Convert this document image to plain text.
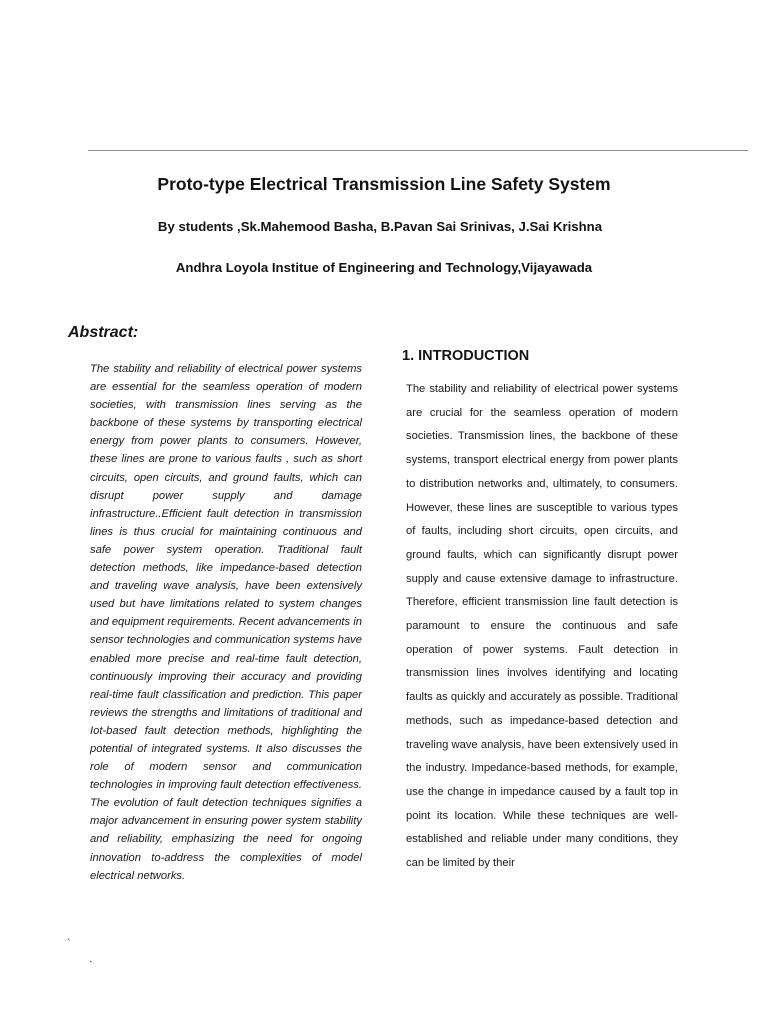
Proto-type Electrical Transmission Line Safety System
By students ,Sk.Mahemood Basha, B.Pavan Sai Srinivas, J.Sai Krishna
Andhra Loyola Institue of Engineering and Technology,Vijayawada
Abstract:
The stability and reliability of electrical power systems are essential for the seamless operation of modern societies, with transmission lines serving as the backbone of these systems by transporting electrical energy from power plants to consumers. However, these lines are prone to various faults , such as short circuits, open circuits, and ground faults, which can disrupt power supply and damage infrastructure..Efficient fault detection in transmission lines is thus crucial for maintaining continuous and safe power system operation. Traditional fault detection methods, like impedance-based detection and traveling wave analysis, have been extensively used but have limitations related to system changes and equipment requirements. Recent advancements in sensor technologies and communication systems have enabled more precise and real-time fault detection, continuously improving their accuracy and providing real-time fault classification and prediction. This paper reviews the strengths and limitations of traditional and Iot-based fault detection methods, highlighting the potential of integrated systems. It also discusses the role of modern sensor and communication technologies in improving fault detection effectiveness. The evolution of fault detection techniques signifies a major advancement in ensuring power system stability and reliability, emphasizing the need for ongoing innovation to-address the complexities of model electrical networks.
1. INTRODUCTION
The stability and reliability of electrical power systems are crucial for the seamless operation of modern societies. Transmission lines, the backbone of these systems, transport electrical energy from power plants to distribution networks and, ultimately, to consumers. However, these lines are susceptible to various types of faults, including short circuits, open circuits, and ground faults, which can significantly disrupt power supply and cause extensive damage to infrastructure. Therefore, efficient transmission line fault detection is paramount to ensure the continuous and safe operation of power systems. Fault detection in transmission lines involves identifying and locating faults as quickly and accurately as possible. Traditional methods, such as impedance-based detection and traveling wave analysis, have been extensively used in the industry. Impedance-based methods, for example, use the change in impedance caused by a fault top in point its location. While these techniques are well-established and reliable under many conditions, they can be limited by their
`
`
